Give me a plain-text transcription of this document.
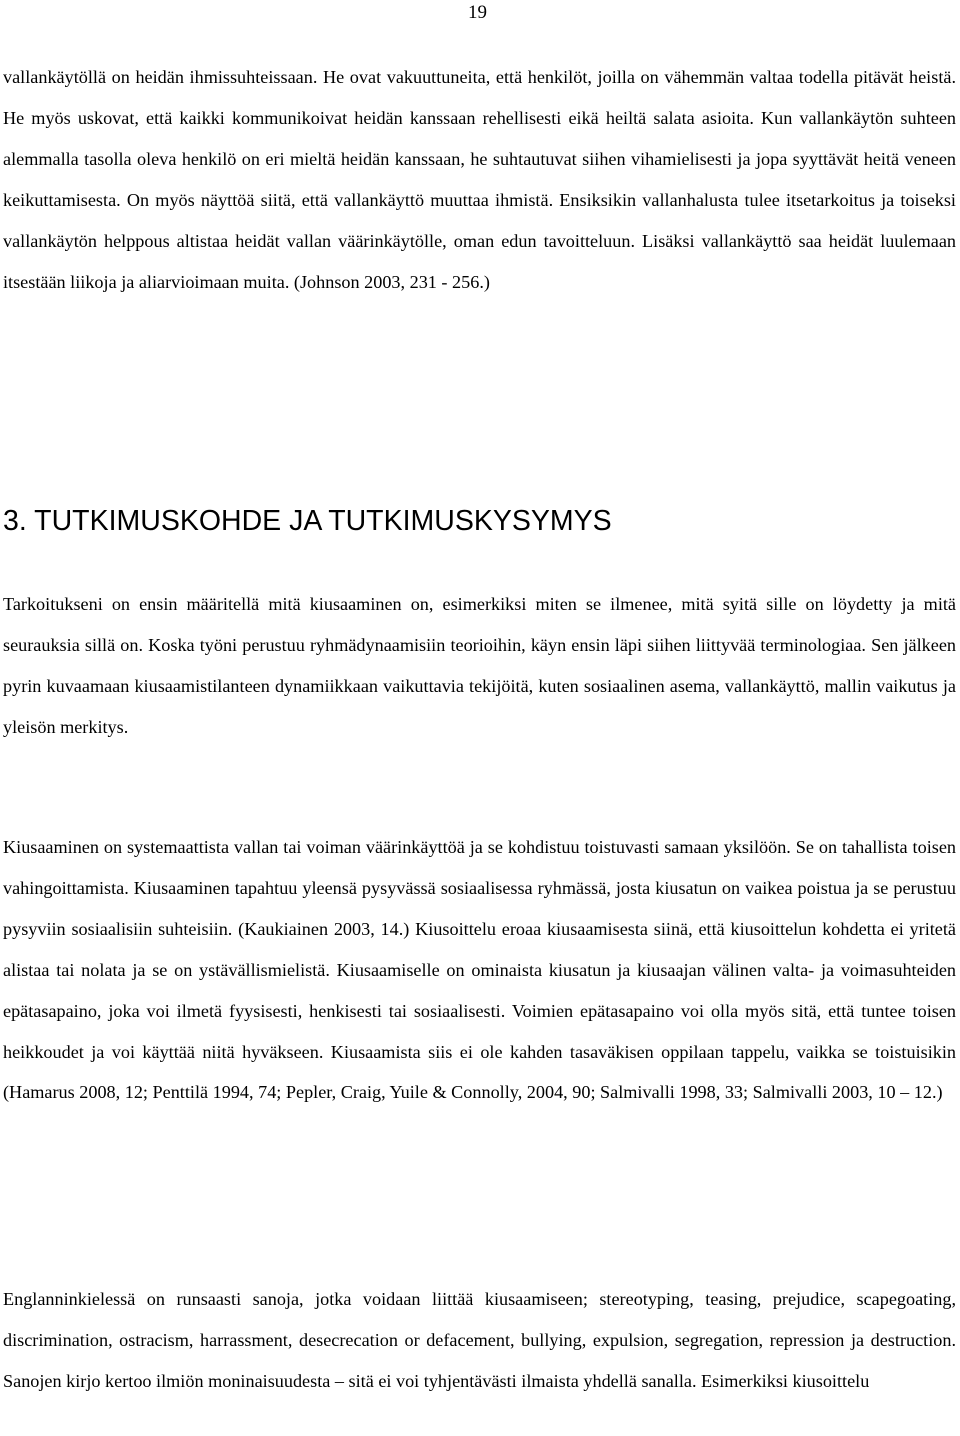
19

vallankäytöllä on heidän ihmissuhteissaan. He ovat vakuuttuneita, että henkilöt, joilla on vähemmän valtaa todella pitävät heistä. He myös uskovat, että kaikki kommunikoivat heidän kanssaan rehellisesti eikä heiltä salata asioita. Kun vallankäytön suhteen alemmalla tasolla oleva henkilö on eri mieltä heidän kanssaan, he suhtautuvat siihen vihamielisesti ja jopa syyttävät heitä veneen keikuttamisesta. On myös näyttöä siitä, että vallankäyttö muuttaa ihmistä. Ensiksikin vallanhalusta tulee itsetarkoitus ja toiseksi vallankäytön helppous altistaa heidät vallan väärinkäytölle, oman edun tavoitteluun. Lisäksi vallankäyttö saa heidät luulemaan itsestään liikoja ja aliarvioimaan muita. (Johnson 2003, 231 - 256.)

3. TUTKIMUSKOHDE JA TUTKIMUSKYSYMYS

Tarkoitukseni on ensin määritellä mitä kiusaaminen on, esimerkiksi miten se ilmenee, mitä syitä sille on löydetty ja mitä seurauksia sillä on. Koska työni perustuu ryhmädynaamisiin teorioihin, käyn ensin läpi siihen liittyvää terminologiaa. Sen jälkeen pyrin kuvaamaan kiusaamistilanteen dynamiikkaan vaikuttavia tekijöitä, kuten sosiaalinen asema, vallankäyttö, mallin vaikutus ja yleisön merkitys.

Kiusaaminen on systemaattista vallan tai voiman väärinkäyttöä ja se kohdistuu toistuvasti samaan yksilöön. Se on tahallista toisen vahingoittamista. Kiusaaminen tapahtuu yleensä pysyvässä sosiaalisessa ryhmässä, josta kiusatun on vaikea poistua ja se perustuu pysyviin sosiaalisiin suhteisiin. (Kaukiainen 2003, 14.) Kiusoittelu eroaa kiusaamisesta siinä, että kiusoittelun kohdetta ei yritetä alistaa tai nolata ja se on ystävällismielistä. Kiusaamiselle on ominaista kiusatun ja kiusaajan välinen valta- ja voimasuhteiden epätasapaino, joka voi ilmetä fyysisesti, henkisesti tai sosiaalisesti. Voimien epätasapaino voi olla myös sitä, että tuntee toisen heikkoudet ja voi käyttää niitä hyväkseen. Kiusaamista siis ei ole kahden tasaväkisen oppilaan tappelu, vaikka se toistuisikin (Hamarus 2008, 12; Penttilä 1994, 74; Pepler, Craig, Yuile & Connolly, 2004, 90; Salmivalli 1998, 33; Salmivalli 2003, 10 – 12.)

Englanninkielessä on runsaasti sanoja, jotka voidaan liittää kiusaamiseen; stereotyping, teasing, prejudice, scapegoating, discrimination, ostracism, harrassment, desecrecation or defacement, bullying, expulsion, segregation, repression ja destruction. Sanojen kirjo kertoo ilmiön moninaisuudesta – sitä ei voi tyhjentävästi ilmaista yhdellä sanalla. Esimerkiksi kiusoittelu
